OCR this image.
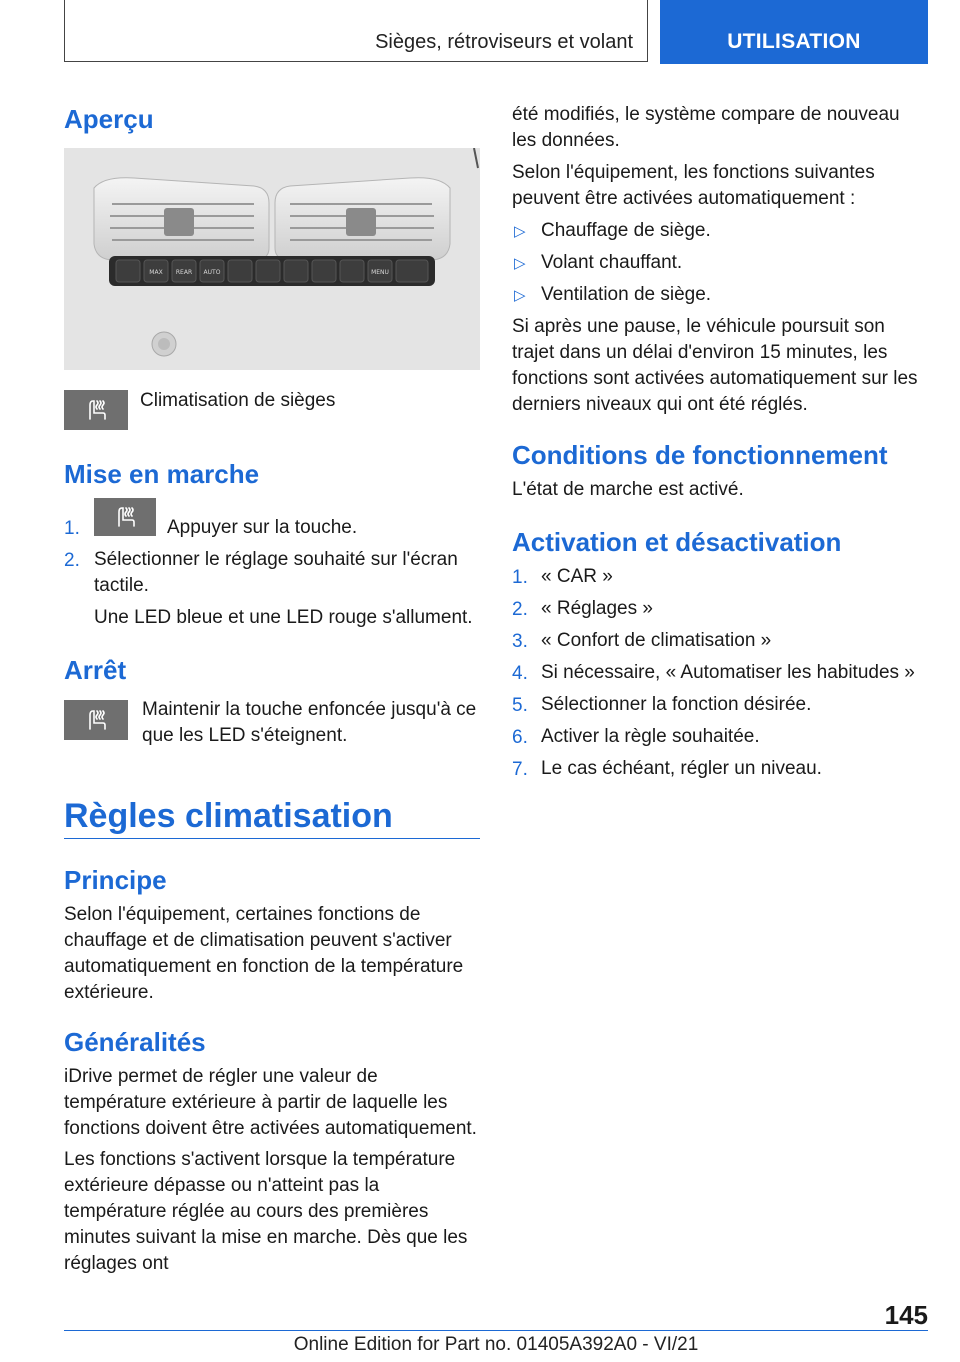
Sièges, rétroviseurs et volant	UTILISATION
Aperçu
MAX REAR AUTO	MENU

Climatisation de sièges

Mise en marche
1.	Appuyer sur la touche.
2. Sélectionner le réglage souhaité sur l'écran tactile.
Une LED bleue et une LED rouge s'allument.
Arrêt

Maintenir la touche enfoncée jusqu'à ce que les LED s'éteignent.

Règles climatisation
Principe

Selon l'équipement, certaines fonctions de chauffage et de climatisation peuvent s'activer automatiquement en fonction de la température extérieure.

Généralités

iDrive permet de régler une valeur de température extérieure à partir de laquelle les fonctions doivent être activées automatiquement.

Les fonctions s'activent lorsque la température extérieure dépasse ou n'atteint pas la température réglée au cours des premières minutes suivant la mise en marche. Dès que les réglages ont

été modifiés, le système compare de nouveau les données.

Selon l'équipement, les fonctions suivantes peuvent être activées automatiquement :

▷ Chauffage de siège.
▷ Volant chauffant.
▷ Ventilation de siège.

Si après une pause, le véhicule poursuit son trajet dans un délai d'environ 15 minutes, les fonctions sont activées automatiquement sur les derniers niveaux qui ont été réglés.

Conditions de fonctionnement

L'état de marche est activé.

Activation et désactivation
1. « CAR »
2. « Réglages »
3. « Confort de climatisation »
4. Si nécessaire, « Automatiser les habitudes »
5. Sélectionner la fonction désirée.
6. Activer la règle souhaitée.
7. Le cas échéant, régler un niveau.
145
Online Edition for Part no. 01405A392A0 - VI/21
